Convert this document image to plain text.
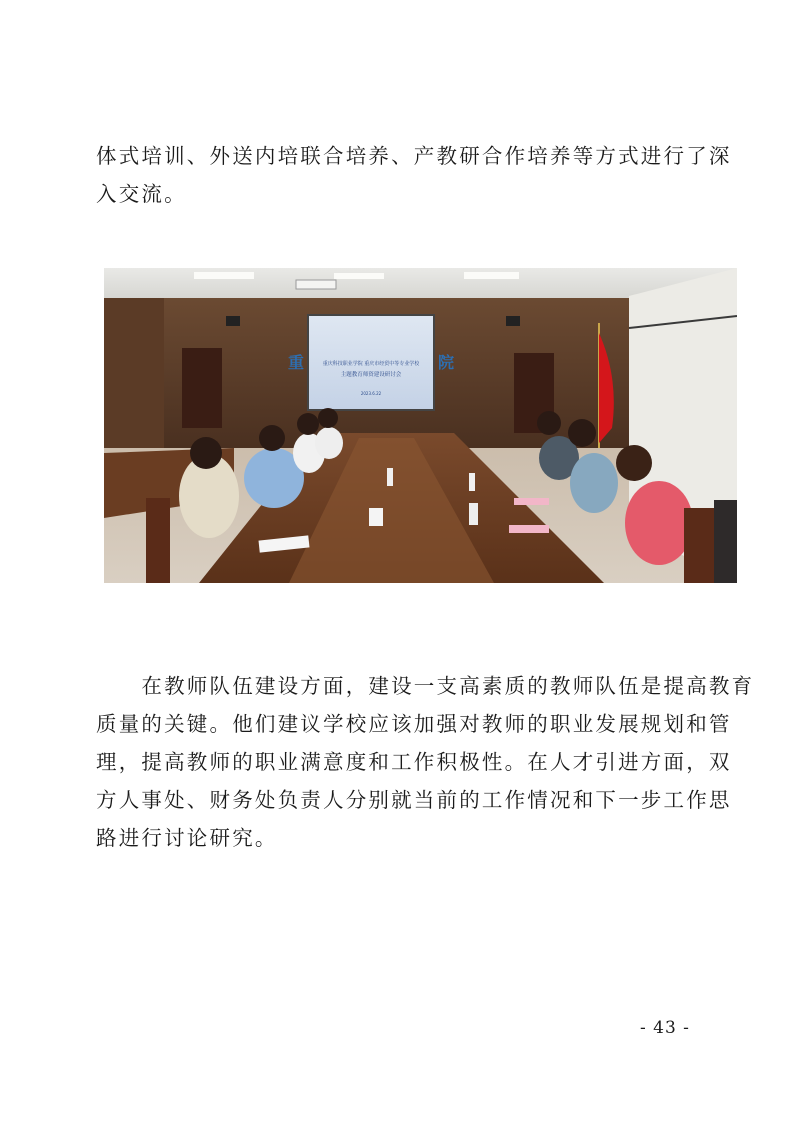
体式培训、外送内培联合培养、产教研合作培养等方式进行了深
入交流。

重庆科技职业学院 重庆市经贸中等专业学校
主题教育师资建设研讨会
2023.6.22
重	院

　　在教师队伍建设方面，建设一支高素质的教师队伍是提高教育
质量的关键。他们建议学校应该加强对教师的职业发展规划和管
理，提高教师的职业满意度和工作积极性。在人才引进方面，双
方人事处、财务处负责人分别就当前的工作情况和下一步工作思
路进行讨论研究。

- 43 -
